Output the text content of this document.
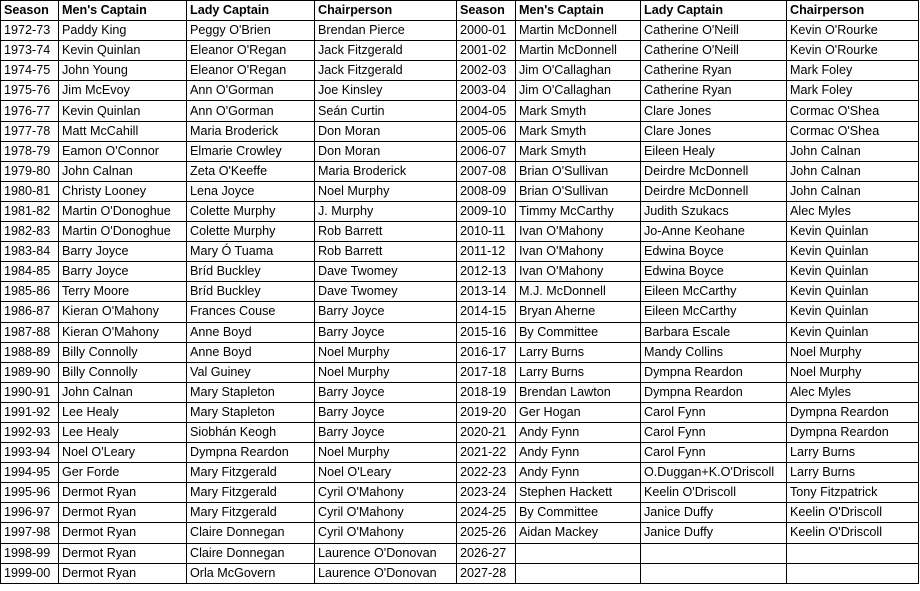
Season	Men's Captain	Lady Captain	Chairperson	Season	Men's Captain	Lady Captain	Chairperson
1972-73	Paddy King	Peggy O'Brien	Brendan Pierce	2000-01	Martin McDonnell	Catherine O'Neill	Kevin O'Rourke
1973-74	Kevin Quinlan	Eleanor O'Regan	Jack Fitzgerald	2001-02	Martin McDonnell	Catherine O'Neill	Kevin O'Rourke
1974-75	John Young	Eleanor O'Regan	Jack Fitzgerald	2002-03	Jim O'Callaghan	Catherine Ryan	Mark Foley
1975-76	Jim McEvoy	Ann O'Gorman	Joe Kinsley	2003-04	Jim O'Callaghan	Catherine Ryan	Mark Foley
1976-77	Kevin Quinlan	Ann O'Gorman	Seán Curtin	2004-05	Mark Smyth	Clare Jones	Cormac O'Shea
1977-78	Matt McCahill	Maria Broderick	Don Moran	2005-06	Mark Smyth	Clare Jones	Cormac O'Shea
1978-79	Eamon O'Connor	Elmarie Crowley	Don Moran	2006-07	Mark Smyth	Eileen Healy	John Calnan
1979-80	John Calnan	Zeta O'Keeffe	Maria Broderick	2007-08	Brian O'Sullivan	Deirdre McDonnell	John Calnan
1980-81	Christy Looney	Lena Joyce	Noel Murphy	2008-09	Brian O'Sullivan	Deirdre McDonnell	John Calnan
1981-82	Martin O'Donoghue	Colette Murphy	J. Murphy	2009-10	Timmy McCarthy	Judith Szukacs	Alec Myles
1982-83	Martin O'Donoghue	Colette Murphy	Rob Barrett	2010-11	Ivan O'Mahony	Jo-Anne Keohane	Kevin Quinlan
1983-84	Barry Joyce	Mary Ó Tuama	Rob Barrett	2011-12	Ivan O'Mahony	Edwina Boyce	Kevin Quinlan
1984-85	Barry Joyce	Bríd Buckley	Dave Twomey	2012-13	Ivan O'Mahony	Edwina Boyce	Kevin Quinlan
1985-86	Terry Moore	Bríd Buckley	Dave Twomey	2013-14	M.J. McDonnell	Eileen McCarthy	Kevin Quinlan
1986-87	Kieran O'Mahony	Frances Couse	Barry Joyce	2014-15	Bryan Aherne	Eileen McCarthy	Kevin Quinlan
1987-88	Kieran O'Mahony	Anne Boyd	Barry Joyce	2015-16	By Committee	Barbara Escale	Kevin Quinlan
1988-89	Billy Connolly	Anne Boyd	Noel Murphy	2016-17	Larry Burns	Mandy Collins	Noel Murphy
1989-90	Billy Connolly	Val Guiney	Noel Murphy	2017-18	Larry Burns	Dympna Reardon	Noel Murphy
1990-91	John Calnan	Mary Stapleton	Barry Joyce	2018-19	Brendan Lawton	Dympna Reardon	Alec Myles
1991-92	Lee Healy	Mary Stapleton	Barry Joyce	2019-20	Ger Hogan	Carol Fynn	Dympna Reardon
1992-93	Lee Healy	Siobhán Keogh	Barry Joyce	2020-21	Andy Fynn	Carol Fynn	Dympna Reardon
1993-94	Noel O'Leary	Dympna Reardon	Noel Murphy	2021-22	Andy Fynn	Carol Fynn	Larry Burns
1994-95	Ger Forde	Mary Fitzgerald	Noel O'Leary	2022-23	Andy Fynn	O.Duggan+K.O'Driscoll	Larry Burns
1995-96	Dermot Ryan	Mary Fitzgerald	Cyril O'Mahony	2023-24	Stephen Hackett	Keelin O'Driscoll	Tony Fitzpatrick
1996-97	Dermot Ryan	Mary Fitzgerald	Cyril O'Mahony	2024-25	By Committee	Janice Duffy	Keelin O'Driscoll
1997-98	Dermot Ryan	Claire Donnegan	Cyril O'Mahony	2025-26	Aidan Mackey	Janice Duffy	Keelin O'Driscoll
1998-99	Dermot Ryan	Claire Donnegan	Laurence O'Donovan	2026-27			
1999-00	Dermot Ryan	Orla McGovern	Laurence O'Donovan	2027-28			
